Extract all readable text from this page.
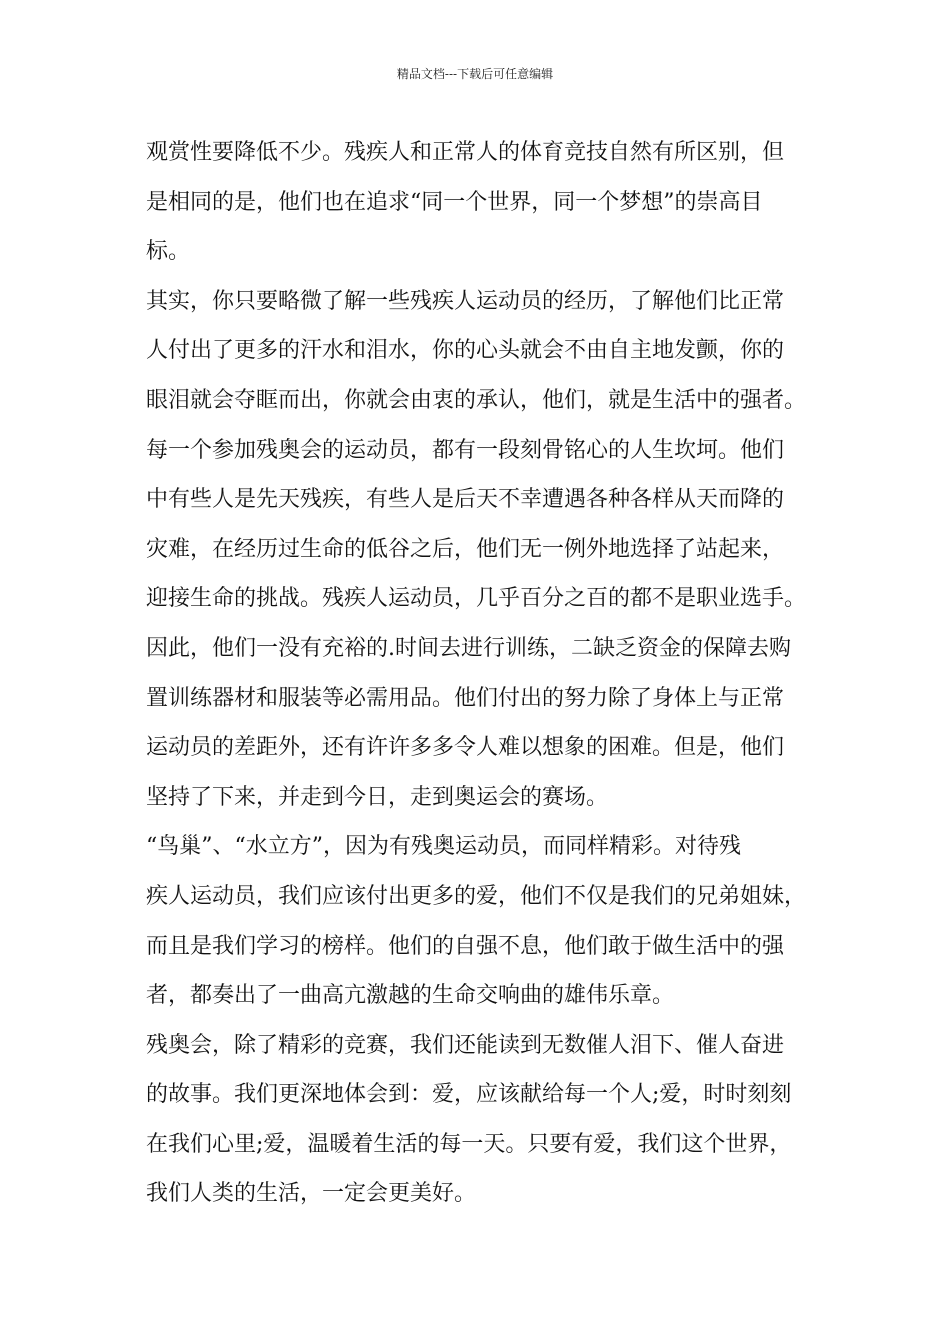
精品文档---下载后可任意编辑
观赏性要降低不少。残疾人和正常人的体育竞技自然有所区别，但
是相同的是，他们也在追求“同一个世界，同一个梦想”的崇高目
标。
其实，你只要略微了解一些残疾人运动员的经历，了解他们比正常
人付出了更多的汗水和泪水，你的心头就会不由自主地发颤，你的
眼泪就会夺眶而出，你就会由衷的承认，他们，就是生活中的强者。
每一个参加残奥会的运动员，都有一段刻骨铭心的人生坎坷。他们
中有些人是先天残疾，有些人是后天不幸遭遇各种各样从天而降的
灾难，在经历过生命的低谷之后，他们无一例外地选择了站起来，
迎接生命的挑战。残疾人运动员，几乎百分之百的都不是职业选手。
因此，他们一没有充裕的.时间去进行训练，二缺乏资金的保障去购
置训练器材和服装等必需用品。他们付出的努力除了身体上与正常
运动员的差距外，还有许许多多令人难以想象的困难。但是，他们
坚持了下来，并走到今日，走到奥运会的赛场。
“鸟巢”、“水立方”，因为有残奥运动员，而同样精彩。对待残
疾人运动员，我们应该付出更多的爱，他们不仅是我们的兄弟姐妹，
而且是我们学习的榜样。他们的自强不息，他们敢于做生活中的强
者，都奏出了一曲高亢激越的生命交响曲的雄伟乐章。
残奥会，除了精彩的竞赛，我们还能读到无数催人泪下、催人奋进
的故事。我们更深地体会到：爱，应该献给每一个人;爱，时时刻刻
在我们心里;爱，温暖着生活的每一天。只要有爱，我们这个世界，
我们人类的生活，一定会更美好。
